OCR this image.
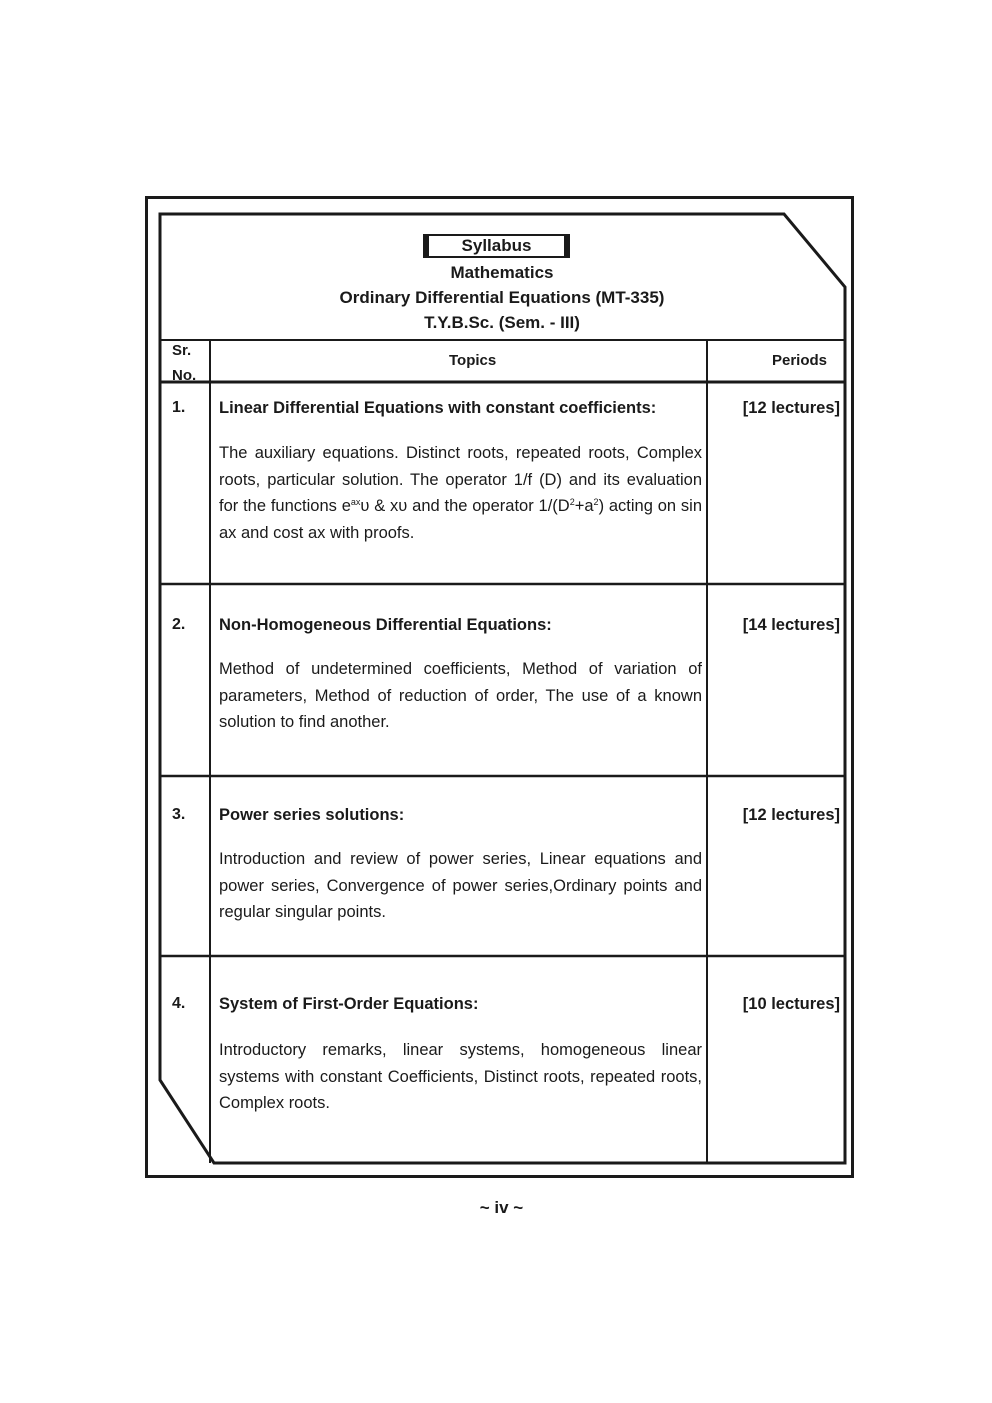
Syllabus
Mathematics
Ordinary Differential Equations (MT-335)
T.Y.B.Sc. (Sem. - III)
Sr.
No.
Topics	Periods
1. Linear Differential Equations with constant coefficients:	[12 lectures]
The auxiliary equations. Distinct roots, repeated roots, Complex roots, particular solution. The operator 1/f (D) and its evaluation for the functions $e^{ax}\upsilon$ & xυ and the operator $1/(D^2+a^2)$ acting on sin ax and cost ax with proofs.
2. Non-Homogeneous Differential Equations:	[14 lectures]
Method of undetermined coefficients, Method of variation of parameters, Method of reduction of order, The use of a known solution to find another.
3. Power series solutions:	[12 lectures]
Introduction and review of power series, Linear equations and power series, Convergence of power series,Ordinary points and regular singular points.
4. System of First-Order Equations:	[10 lectures]
Introductory remarks, linear systems, homogeneous linear systems with constant Coefficients, Distinct roots, repeated roots, Complex roots.
~ iv ~
